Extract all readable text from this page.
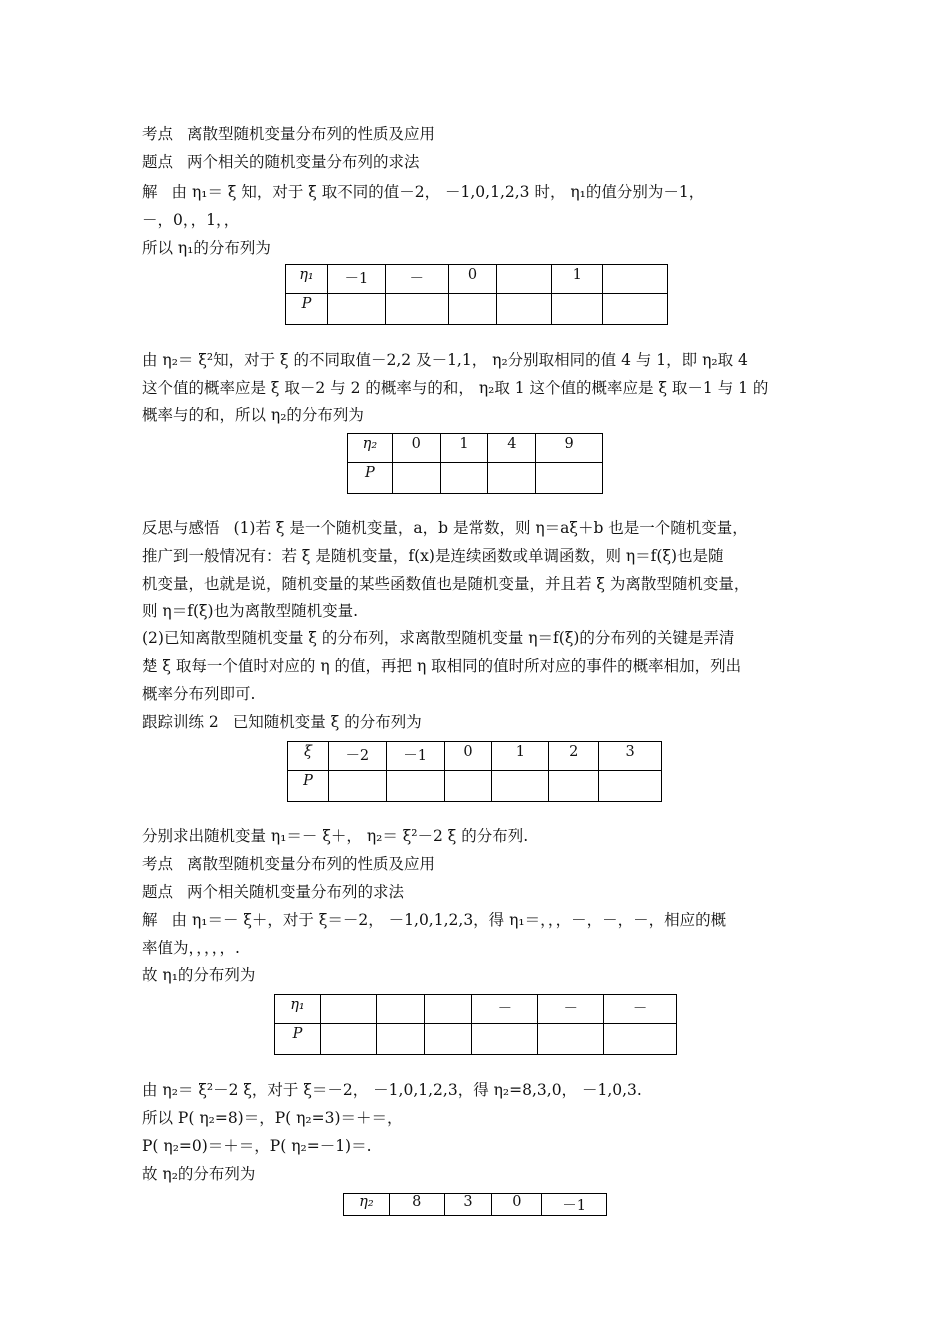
考点 离散型随机变量分布列的性质及应用
题点 两个相关的随机变量分布列的求法
解 由 η₁＝ ξ 知，对于 ξ 取不同的值－2， －1,0,1,2,3 时， η₁的值分别为－1，
－，0，，1，，
所以 η₁的分布列为
η₁	－1	－	0		1	
P						
由 η₂＝ ξ²知，对于 ξ 的不同取值－2,2 及－1,1， η₂分别取相同的值 4 与 1，即 η₂取 4
这个值的概率应是 ξ 取－2 与 2 的概率与的和， η₂取 1 这个值的概率应是 ξ 取－1 与 1 的
概率与的和，所以 η₂的分布列为
η₂	0	1	4	9
P				
反思与感悟 (1)若 ξ 是一个随机变量，a，b 是常数，则 η＝aξ＋b 也是一个随机变量，
推广到一般情况有：若 ξ 是随机变量，f(x)是连续函数或单调函数，则 η＝f(ξ)也是随
机变量，也就是说，随机变量的某些函数值也是随机变量，并且若 ξ 为离散型随机变量，
则 η＝f(ξ)也为离散型随机变量.
(2)已知离散型随机变量 ξ 的分布列，求离散型随机变量 η＝f(ξ)的分布列的关键是弄清
楚 ξ 取每一个值时对应的 η 的值，再把 η 取相同的值时所对应的事件的概率相加，列出
概率分布列即可.
跟踪训练 2 已知随机变量 ξ 的分布列为
ξ	－2	－1	0	1	2	3
P						
分别求出随机变量 η₁＝－ ξ＋， η₂＝ ξ²－2 ξ 的分布列.
考点 离散型随机变量分布列的性质及应用
题点 两个相关随机变量分布列的求法
解 由 η₁＝－ ξ＋，对于 ξ＝－2， －1,0,1,2,3，得 η₁＝，，，－，－，－，相应的概
率值为，，，，，.
故 η₁的分布列为
η₁				－	－	－
P						
由 η₂＝ ξ²－2 ξ，对于 ξ＝－2， －1,0,1,2,3，得 η₂=8,3,0， －1,0,3.
所以 P( η₂=8)＝，P( η₂=3)＝＋＝，
P( η₂=0)＝＋＝，P( η₂=－1)＝.
故 η₂的分布列为
η₂	8	3	0	－1
